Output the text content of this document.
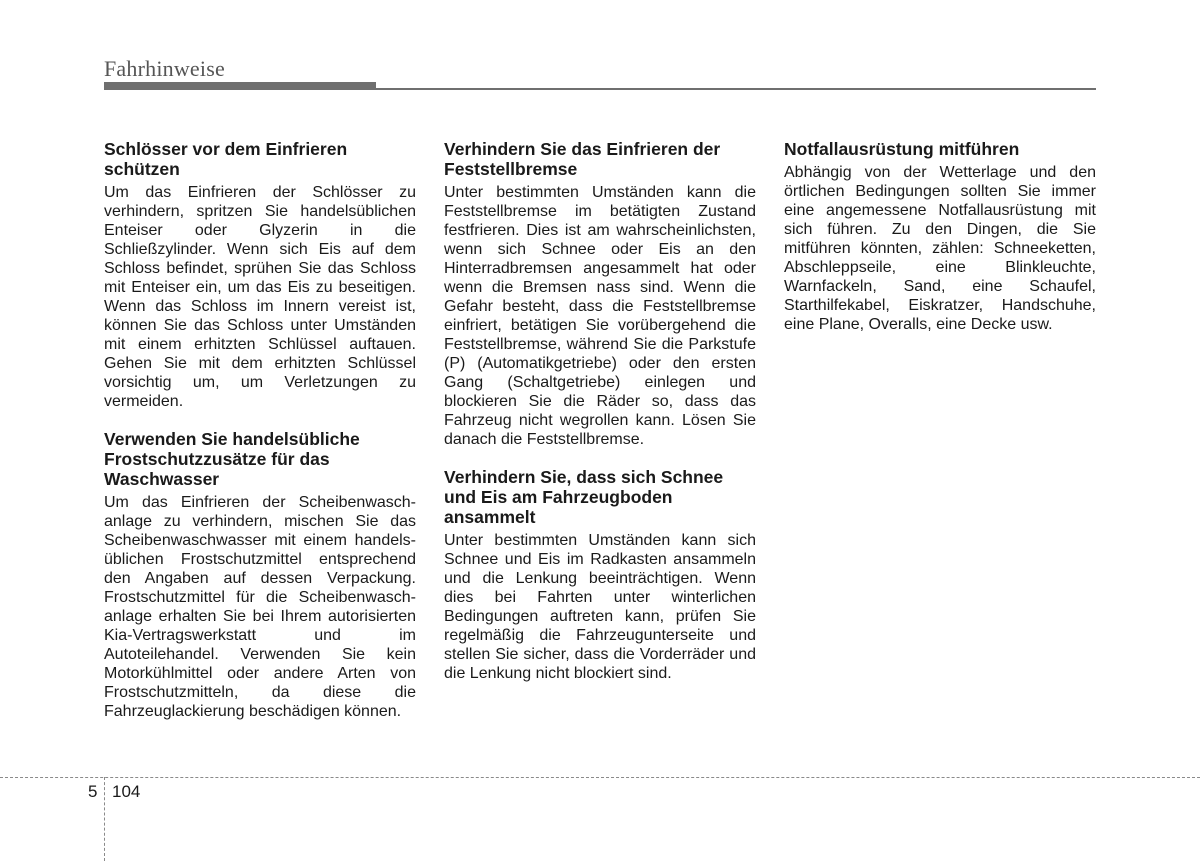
Fahrhinweise
Schlösser vor dem Einfrieren schützen

Um das Einfrieren der Schlösser zu verhindern, spritzen Sie handelsüblichen Enteiser oder Glyzerin in die Schließzylinder. Wenn sich Eis auf dem Schloss befindet, sprühen Sie das Schloss mit Enteiser ein, um das Eis zu beseitigen. Wenn das Schloss im Innern vereist ist, können Sie das Schloss unter Umständen mit einem erhitzten Schlüssel auftauen. Gehen Sie mit dem erhitzten Schlüssel vorsichtig um, um Verletzungen zu vermeiden.

Verwenden Sie handelsübliche Frostschutzzusätze für das Waschwasser

Um das Einfrieren der Scheibenwaschanlage zu verhindern, mischen Sie das Scheibenwaschwasser mit einem handelsüblichen Frostschutzmittel entsprechend den Angaben auf dessen Verpackung. Frostschutzmittel für die Scheibenwaschanlage erhalten Sie bei Ihrem autorisierten Kia-Vertragswerkstatt und im Autoteilehandel. Verwenden Sie kein Motorkühlmittel oder andere Arten von Frostschutzmitteln, da diese die Fahrzeuglackierung beschädigen können.

Verhindern Sie das Einfrieren der Feststellbremse

Unter bestimmten Umständen kann die Feststellbremse im betätigten Zustand festfrieren. Dies ist am wahrscheinlichsten, wenn sich Schnee oder Eis an den Hinterradbremsen angesammelt hat oder wenn die Bremsen nass sind. Wenn die Gefahr besteht, dass die Feststellbremse einfriert, betätigen Sie vorübergehend die Feststellbremse, während Sie die Parkstufe (P) (Automatikgetriebe) oder den ersten Gang (Schaltgetriebe) einlegen und blockieren Sie die Räder so, dass das Fahrzeug nicht wegrollen kann. Lösen Sie danach die Feststellbremse.

Verhindern Sie, dass sich Schnee und Eis am Fahrzeugboden ansammelt

Unter bestimmten Umständen kann sich Schnee und Eis im Radkasten ansammeln und die Lenkung beeinträchtigen. Wenn dies bei Fahrten unter winterlichen Bedingungen auftreten kann, prüfen Sie regelmäßig die Fahrzeugunterseite und stellen Sie sicher, dass die Vorderräder und die Lenkung nicht blockiert sind.

Notfallausrüstung mitführen

Abhängig von der Wetterlage und den örtlichen Bedingungen sollten Sie immer eine angemessene Notfallausrüstung mit sich führen. Zu den Dingen, die Sie mitführen könnten, zählen: Schneeketten, Abschleppseile, eine Blinkleuchte, Warnfackeln, Sand, eine Schaufel, Starthilfekabel, Eiskratzer, Handschuhe, eine Plane, Overalls, eine Decke usw.

5 104
